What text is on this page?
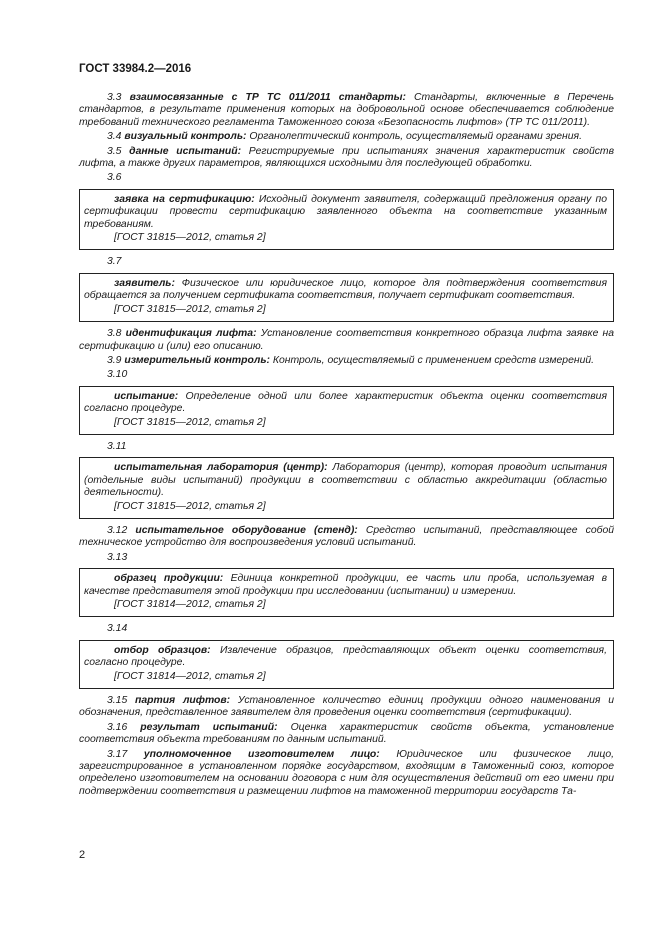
ГОСТ 33984.2—2016
3.3 взаимосвязанные с ТР ТС 011/2011 стандарты: Стандарты, включенные в Перечень стандартов, в результате применения которых на добровольной основе обеспечивается соблюдение требований технического регламента Таможенного союза «Безопасность лифтов» (ТР ТС 011/2011).
3.4 визуальный контроль: Органолептический контроль, осуществляемый органами зрения.
3.5 данные испытаний: Регистрируемые при испытаниях значения характеристик свойств лифта, а также других параметров, являющихся исходными для последующей обработки.
3.6
заявка на сертификацию: Исходный документ заявителя, содержащий предложения органу по сертификации провести сертификацию заявленного объекта на соответствие указанным требованиям.
[ГОСТ 31815—2012, статья 2]
3.7
заявитель: Физическое или юридическое лицо, которое для подтверждения соответствия обращается за получением сертификата соответствия, получает сертификат соответствия.
[ГОСТ 31815—2012, статья 2]
3.8 идентификация лифта: Установление соответствия конкретного образца лифта заявке на сертификацию и (или) его описанию.
3.9 измерительный контроль: Контроль, осуществляемый с применением средств измерений.
3.10
испытание: Определение одной или более характеристик объекта оценки соответствия согласно процедуре.
[ГОСТ 31815—2012, статья 2]
3.11
испытательная лаборатория (центр): Лаборатория (центр), которая проводит испытания (отдельные виды испытаний) продукции в соответствии с областью аккредитации (областью деятельности).
[ГОСТ 31815—2012, статья 2]
3.12 испытательное оборудование (стенд): Средство испытаний, представляющее собой техническое устройство для воспроизведения условий испытаний.
3.13
образец продукции: Единица конкретной продукции, ее часть или проба, используемая в качестве представителя этой продукции при исследовании (испытании) и измерении.
[ГОСТ 31814—2012, статья 2]
3.14
отбор образцов: Извлечение образцов, представляющих объект оценки соответствия, согласно процедуре.
[ГОСТ 31814—2012, статья 2]
3.15 партия лифтов: Установленное количество единиц продукции одного наименования и обозначения, представленное заявителем для проведения оценки соответствия (сертификации).
3.16 результат испытаний: Оценка характеристик свойств объекта, установление соответствия объекта требованиям по данным испытаний.
3.17 уполномоченное изготовителем лицо: Юридическое или физическое лицо, зарегистрированное в установленном порядке государством, входящим в Таможенный союз, которое определено изготовителем на основании договора с ним для осуществления действий от его имени при подтверждении соответствия и размещении лифтов на таможенной территории государств Та-
2
